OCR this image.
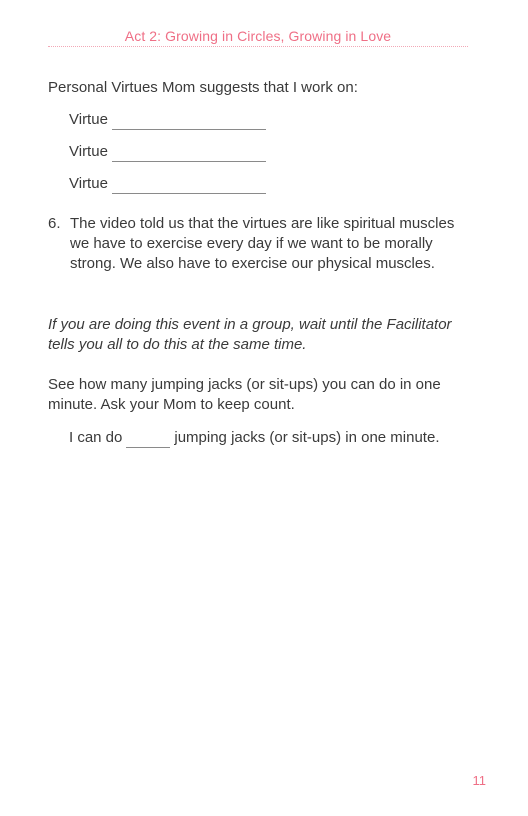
Act 2: Growing in Circles, Growing in Love
Personal Virtues Mom suggests that I work on:
Virtue
Virtue
Virtue
6. The video told us that the virtues are like spiritual muscles we have to exercise every day if we want to be morally strong. We also have to exercise our physical muscles.
If you are doing this event in a group, wait until the Facilitator tells you all to do this at the same time.
See how many jumping jacks (or sit-ups) you can do in one minute. Ask your Mom to keep count.
I can do	jumping jacks (or sit-ups) in one minute.
11
